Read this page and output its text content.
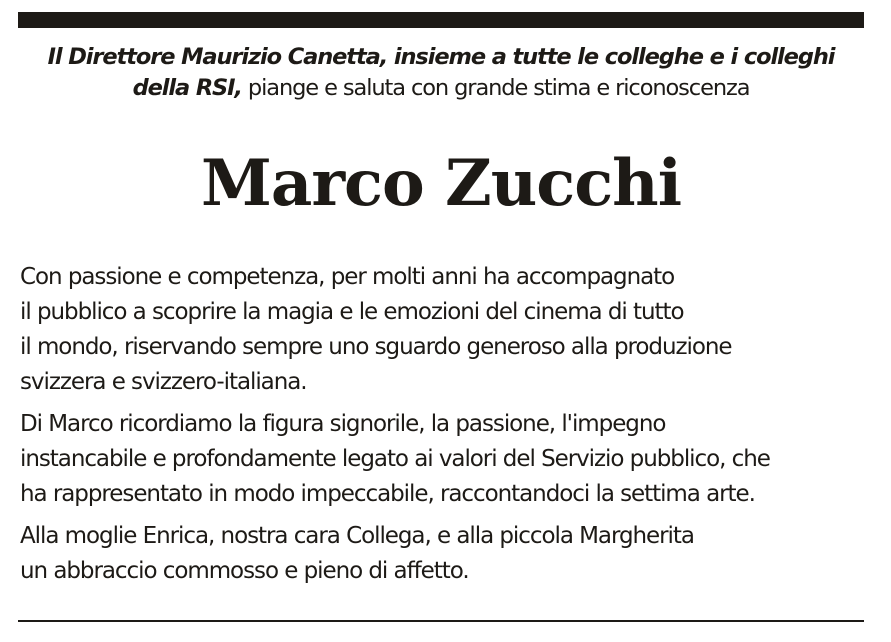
Il Direttore Maurizio Canetta, insieme a tutte le colleghe e i colleghi
della RSI, piange e saluta con grande stima e riconoscenza

Marco Zucchi

Con passione e competenza, per molti anni ha accompagnato
il pubblico a scoprire la magia e le emozioni del cinema di tutto
il mondo, riservando sempre uno sguardo generoso alla produzione
svizzera e svizzero-italiana.

Di Marco ricordiamo la figura signorile, la passione, l'impegno
instancabile e profondamente legato ai valori del Servizio pubblico, che
ha rappresentato in modo impeccabile, raccontandoci la settima arte.

Alla moglie Enrica, nostra cara Collega, e alla piccola Margherita
un abbraccio commosso e pieno di affetto.
